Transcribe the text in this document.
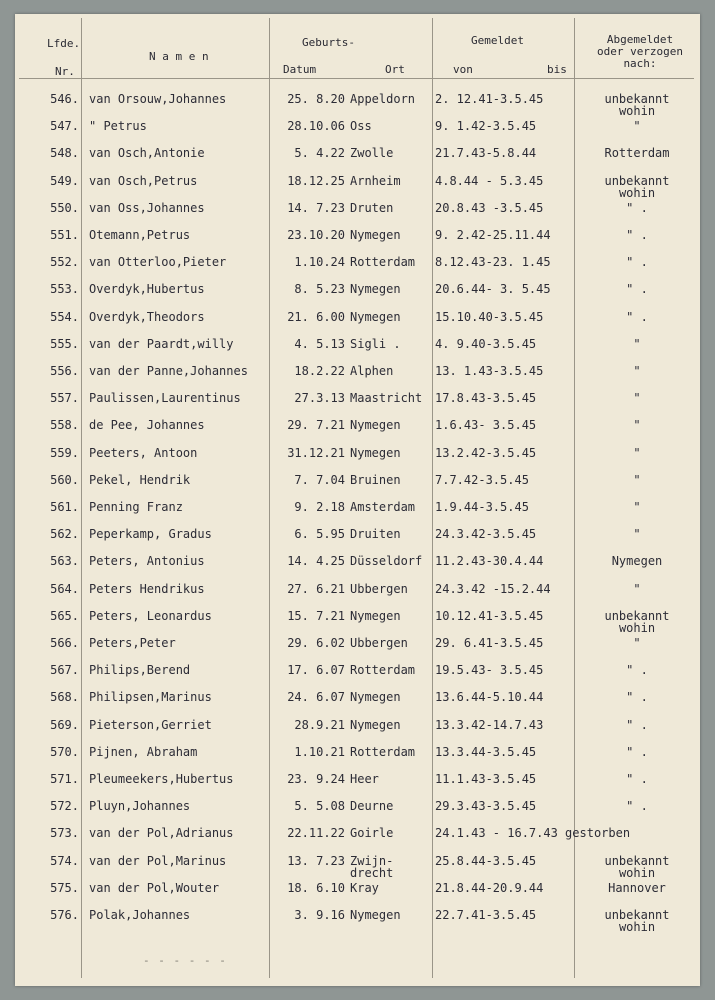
Lfde.
Nr.
N a m e n
Geburts-
Datum	Ort
Gemeldet
von	bis
Abgemeldet
oder verzogen
nach:
546. van Orsouw,Johannes	25. 8.20 Appeldorn	2. 12.41-3.5.45	unbekannt
wohin
547. " Petrus	28.10.06 Oss	9. 1.42-3.5.45	"
548. van Osch,Antonie	5. 4.22 Zwolle	21.7.43-5.8.44	Rotterdam
549. van Osch,Petrus	18.12.25 Arnheim	4.8.44 - 5.3.45	unbekannt
wohin
550. van Oss,Johannes	14. 7.23 Druten	20.8.43 -3.5.45	" .
551. Otemann,Petrus	23.10.20 Nymegen	9. 2.42-25.11.44	" .
552. van Otterloo,Pieter	1.10.24 Rotterdam	8.12.43-23. 1.45	" .
553. Overdyk,Hubertus	8. 5.23 Nymegen	20.6.44- 3. 5.45	" .
554. Overdyk,Theodors	21. 6.00 Nymegen	15.10.40-3.5.45	" .
555. van der Paardt,willy	4. 5.13 Sigli .	4. 9.40-3.5.45	"
556. van der Panne,Johannes	18.2.22 Alphen	13. 1.43-3.5.45	"
557. Paulissen,Laurentinus	27.3.13 Maastricht	17.8.43-3.5.45	"
558. de Pee, Johannes	29. 7.21 Nymegen	1.6.43- 3.5.45	"
559. Peeters, Antoon	31.12.21 Nymegen	13.2.42-3.5.45	"
560. Pekel, Hendrik	7. 7.04 Bruinen	7.7.42-3.5.45	"
561. Penning Franz	9. 2.18 Amsterdam	1.9.44-3.5.45	"
562. Peperkamp, Gradus	6. 5.95 Druiten	24.3.42-3.5.45	"
563. Peters, Antonius	14. 4.25 Düsseldorf	11.2.43-30.4.44	Nymegen
564. Peters Hendrikus	27. 6.21 Ubbergen	24.3.42 -15.2.44	"
565. Peters, Leonardus	15. 7.21 Nymegen	10.12.41-3.5.45	unbekannt
wohin
566. Peters,Peter	29. 6.02 Ubbergen	29. 6.41-3.5.45	"
567. Philips,Berend	17. 6.07 Rotterdam	19.5.43- 3.5.45	" .
568. Philipsen,Marinus	24. 6.07 Nymegen	13.6.44-5.10.44	" .
569. Pieterson,Gerriet	28.9.21 Nymegen	13.3.42-14.7.43	" .
570. Pijnen, Abraham	1.10.21 Rotterdam	13.3.44-3.5.45	" .
571. Pleumeekers,Hubertus	23. 9.24 Heer	11.1.43-3.5.45	" .
572. Pluyn,Johannes	5. 5.08 Deurne	29.3.43-3.5.45	" .
573. van der Pol,Adrianus	22.11.22 Goirle	24.1.43 - 16.7.43 gestorben
574. van der Pol,Marinus	13. 7.23 Zwijn-	25.8.44-3.5.45	unbekannt
drecht	wohin
575. van der Pol,Wouter	18. 6.10 Kray	21.8.44-20.9.44	Hannover
576. Polak,Johannes	3. 9.16 Nymegen	22.7.41-3.5.45	unbekannt
wohin
- - - - - -
